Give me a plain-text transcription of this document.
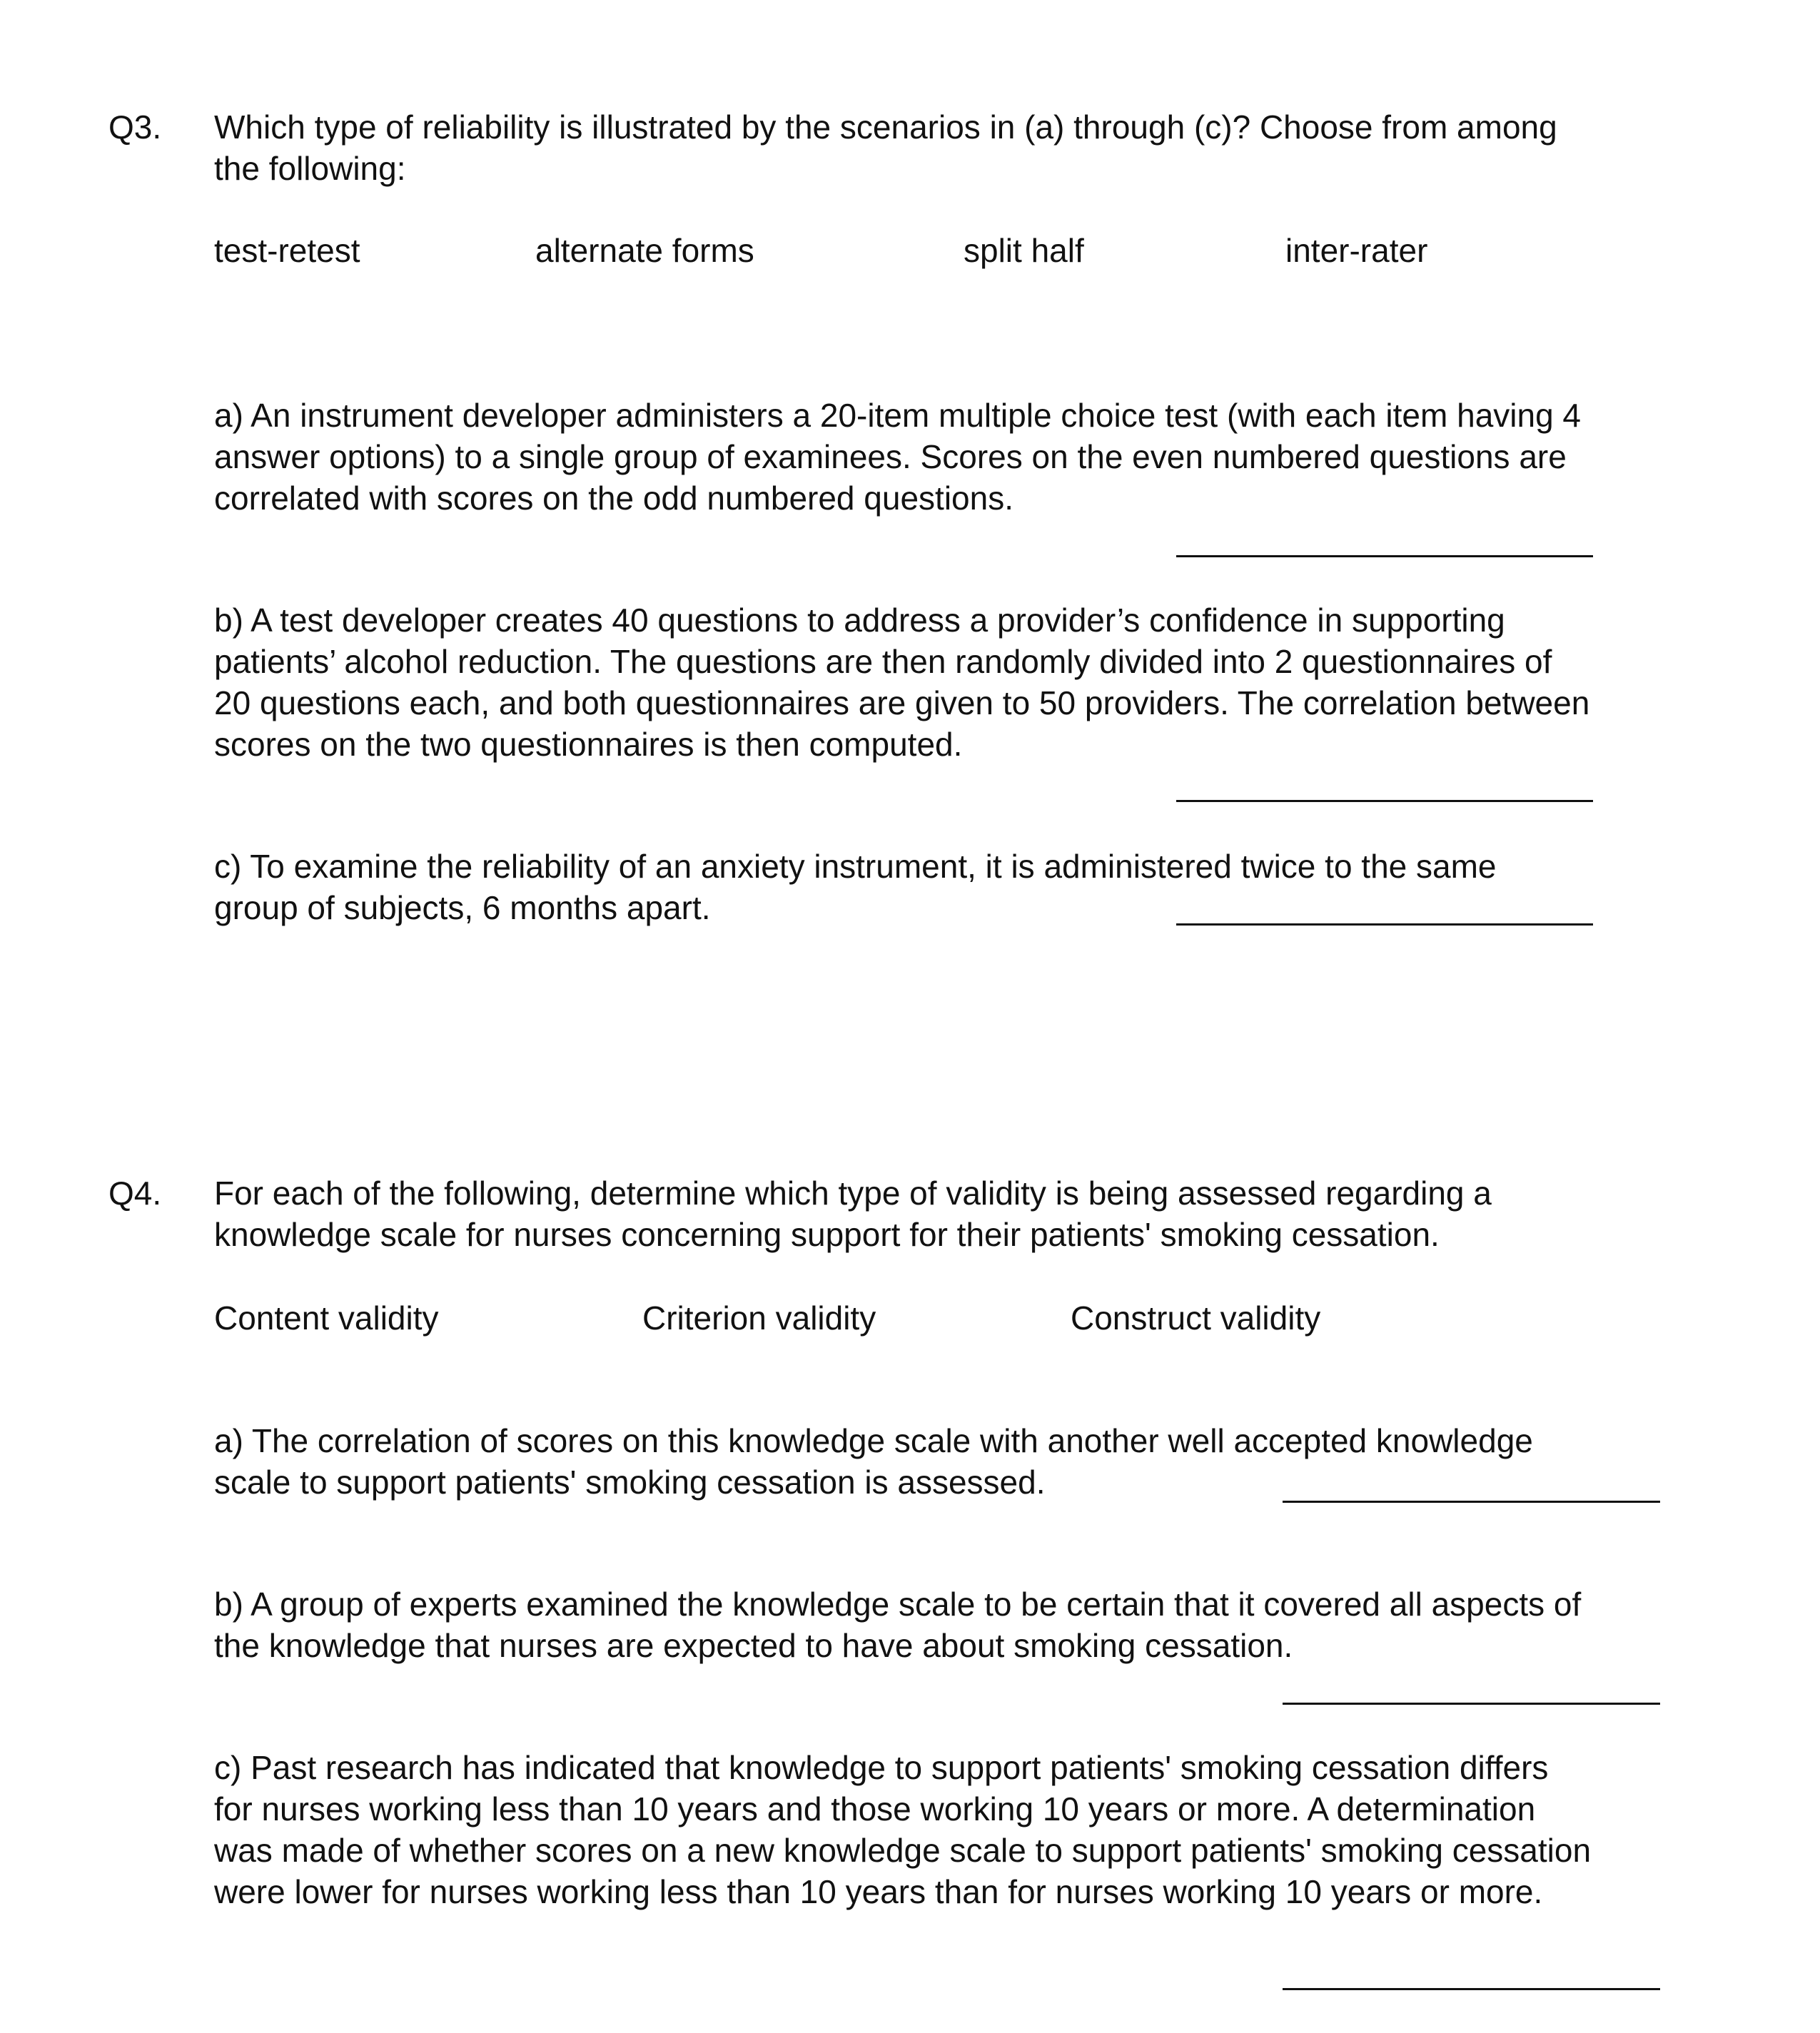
Q3. Which type of reliability is illustrated by the scenarios in (a) through (c)? Choose from among
the following:
test-retest	alternate forms	split half	inter-rater
a) An instrument developer administers a 20-item multiple choice test (with each item having 4
answer options) to a single group of examinees. Scores on the even numbered questions are
correlated with scores on the odd numbered questions.
b) A test developer creates 40 questions to address a provider’s confidence in supporting
patients’ alcohol reduction. The questions are then randomly divided into 2 questionnaires of
20 questions each, and both questionnaires are given to 50 providers. The correlation between
scores on the two questionnaires is then computed.
c) To examine the reliability of an anxiety instrument, it is administered twice to the same
group of subjects, 6 months apart.
Q4. For each of the following, determine which type of validity is being assessed regarding a
knowledge scale for nurses concerning support for their patients' smoking cessation.
Content validity	Criterion validity	Construct validity
a) The correlation of scores on this knowledge scale with another well accepted knowledge
scale to support patients' smoking cessation is assessed.
b) A group of experts examined the knowledge scale to be certain that it covered all aspects of
the knowledge that nurses are expected to have about smoking cessation.
c) Past research has indicated that knowledge to support patients' smoking cessation differs
for nurses working less than 10 years and those working 10 years or more. A determination
was made of whether scores on a new knowledge scale to support patients' smoking cessation
were lower for nurses working less than 10 years than for nurses working 10 years or more.
